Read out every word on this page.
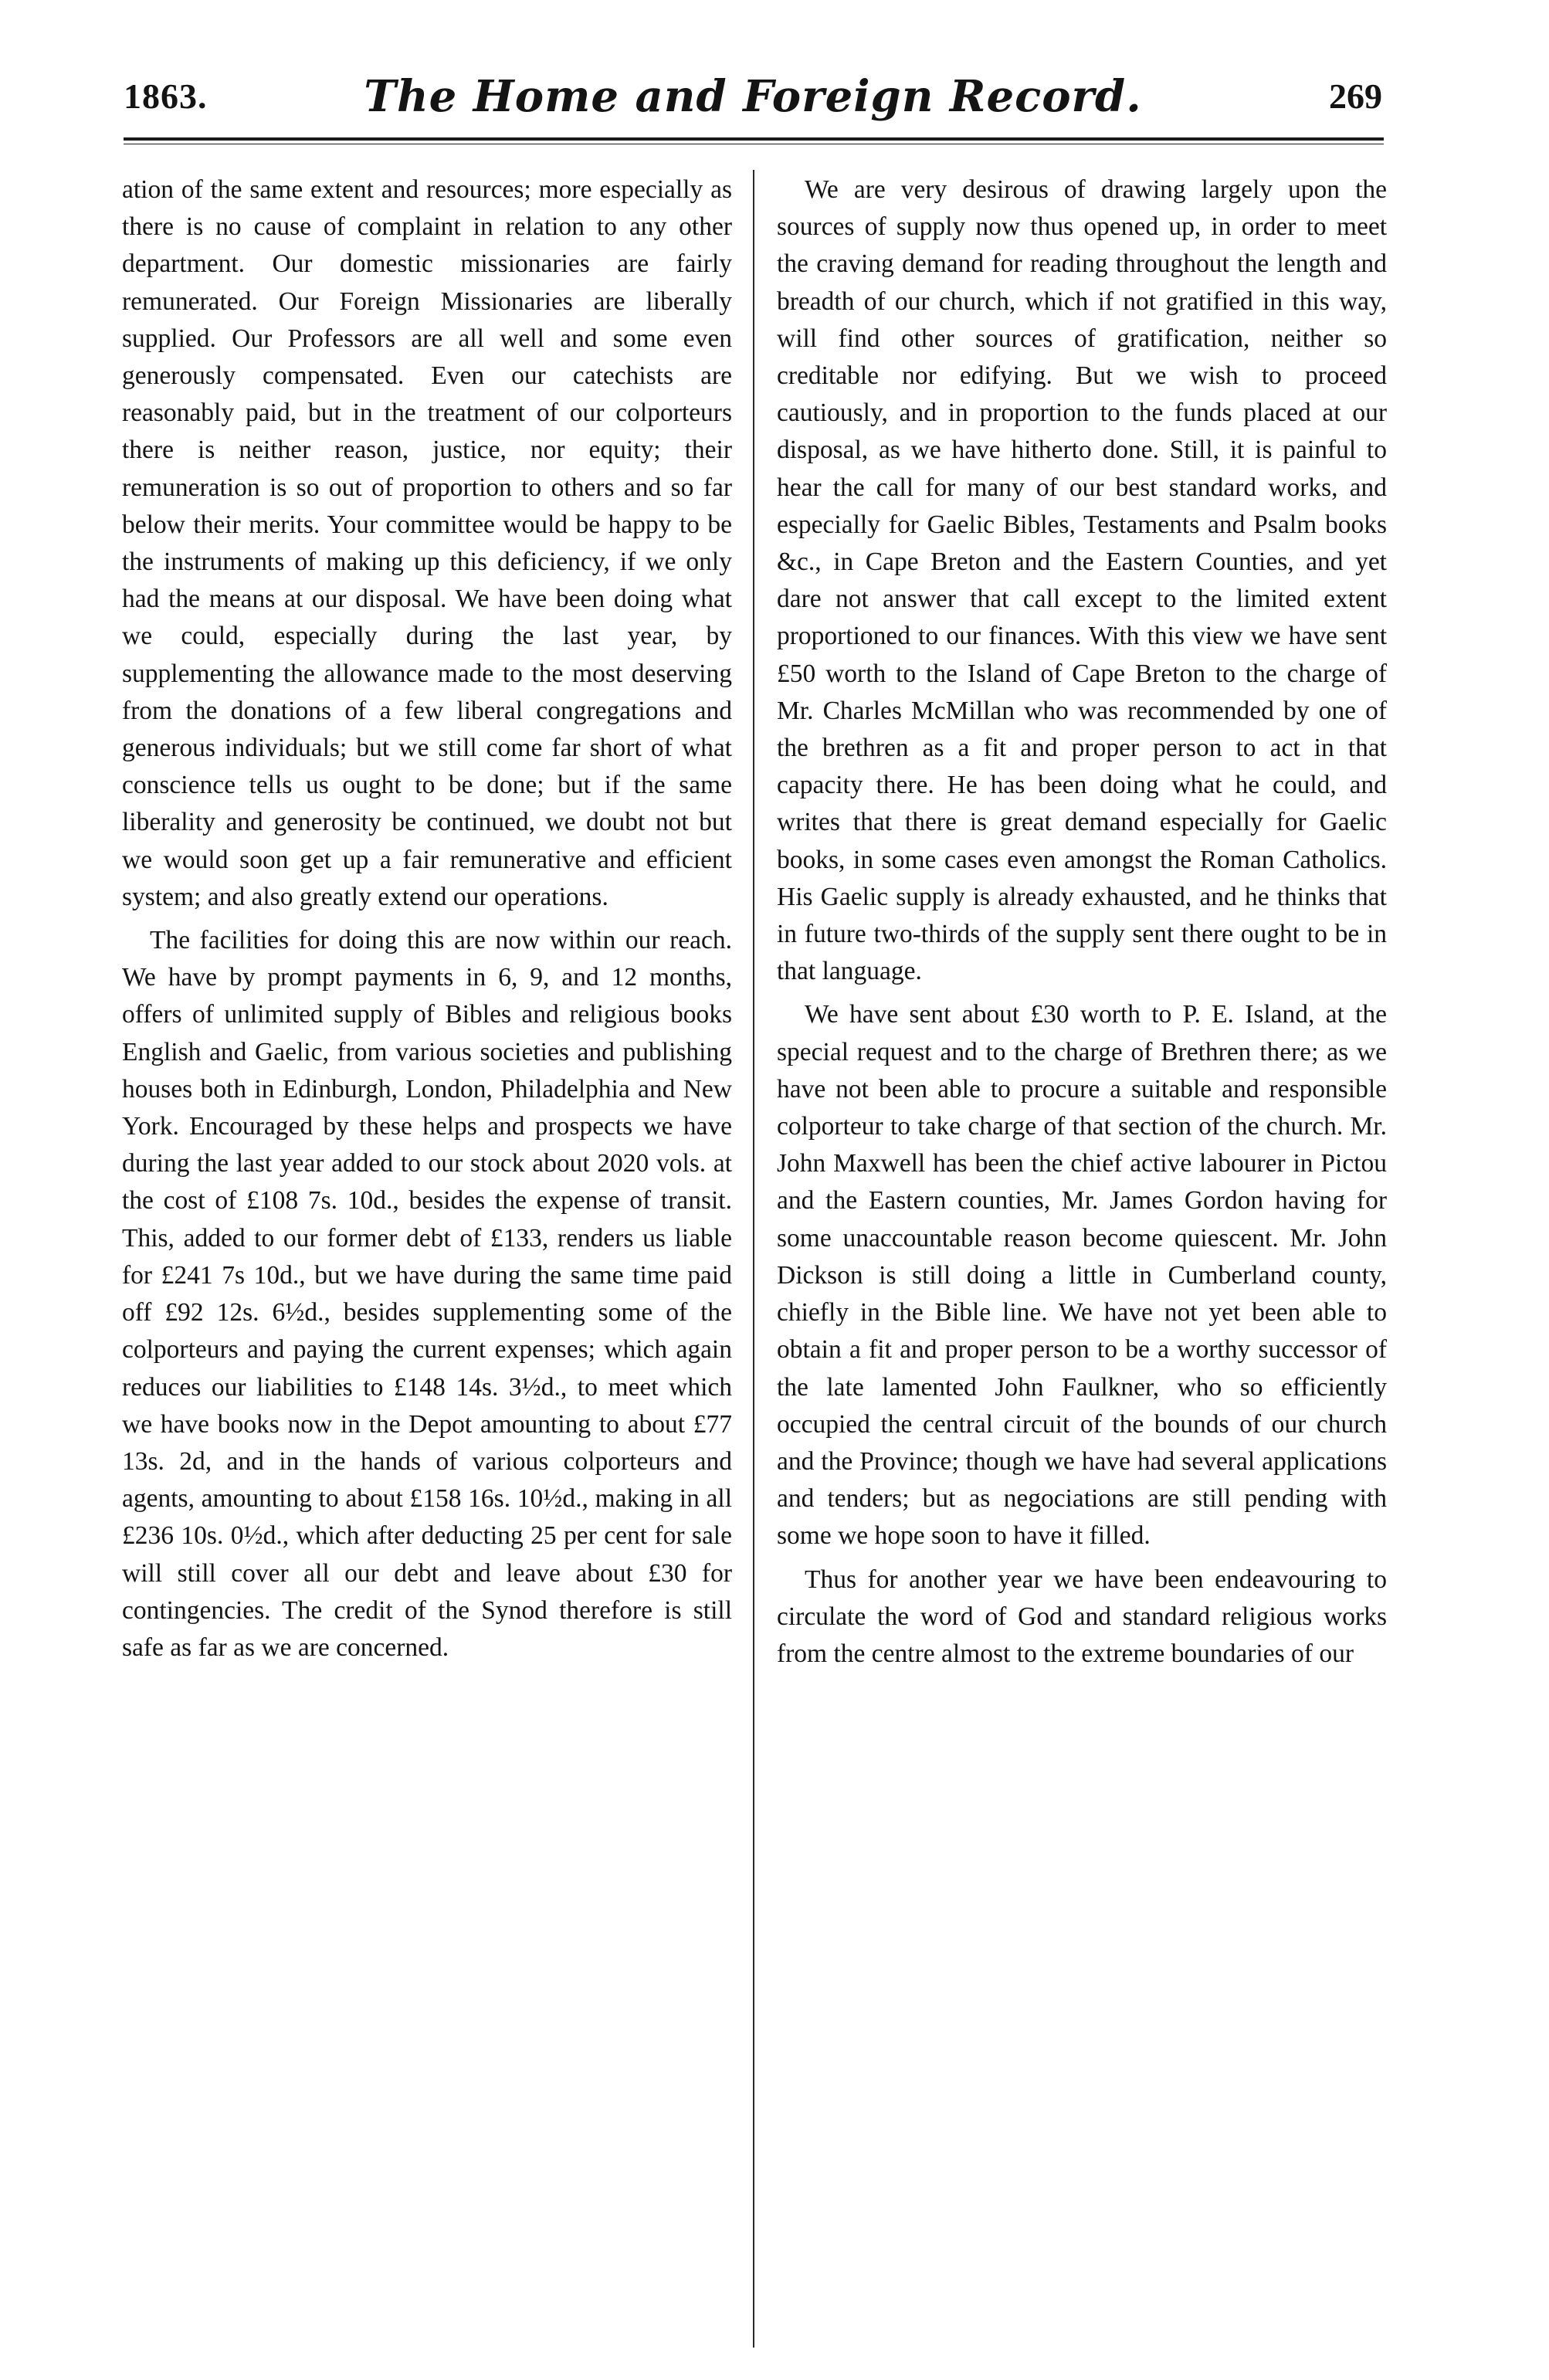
1863.	The Home and Foreign Record.	269

ation of the same extent and resources; more especially as there is no cause of complaint in relation to any other department. Our domestic missionaries are fairly remunerated. Our Foreign Missionaries are liberally supplied. Our Professors are all well and some even generously compensated. Even our catechists are reasonably paid, but in the treatment of our colporteurs there is neither reason, justice, nor equity; their remuneration is so out of proportion to others and so far below their merits. Your committee would be happy to be the instruments of making up this deficiency, if we only had the means at our disposal. We have been doing what we could, especially during the last year, by supplementing the allowance made to the most deserving from the donations of a few liberal congregations and generous individuals; but we still come far short of what conscience tells us ought to be done; but if the same liberality and generosity be continued, we doubt not but we would soon get up a fair remunerative and efficient system; and also greatly extend our operations.

The facilities for doing this are now within our reach. We have by prompt payments in 6, 9, and 12 months, offers of unlimited supply of Bibles and religious books English and Gaelic, from various societies and publishing houses both in Edinburgh, London, Philadelphia and New York. Encouraged by these helps and prospects we have during the last year added to our stock about 2020 vols. at the cost of £108 7s. 10d., besides the expense of transit. This, added to our former debt of £133, renders us liable for £241 7s 10d., but we have during the same time paid off £92 12s. 6½d., besides supplementing some of the colporteurs and paying the current expenses; which again reduces our liabilities to £148 14s. 3½d., to meet which we have books now in the Depot amounting to about £77 13s. 2d, and in the hands of various colporteurs and agents, amounting to about £158 16s. 10½d., making in all £236 10s. 0½d., which after deducting 25 per cent for sale will still cover all our debt and leave about £30 for contingencies. The credit of the Synod therefore is still safe as far as we are concerned.

We are very desirous of drawing largely upon the sources of supply now thus opened up, in order to meet the craving demand for reading throughout the length and breadth of our church, which if not gratified in this way, will find other sources of gratification, neither so creditable nor edifying. But we wish to proceed cautiously, and in proportion to the funds placed at our disposal, as we have hitherto done. Still, it is painful to hear the call for many of our best standard works, and especially for Gaelic Bibles, Testaments and Psalm books &c., in Cape Breton and the Eastern Counties, and yet dare not answer that call except to the limited extent proportioned to our finances. With this view we have sent £50 worth to the Island of Cape Breton to the charge of Mr. Charles McMillan who was recommended by one of the brethren as a fit and proper person to act in that capacity there. He has been doing what he could, and writes that there is great demand especially for Gaelic books, in some cases even amongst the Roman Catholics. His Gaelic supply is already exhausted, and he thinks that in future two-thirds of the supply sent there ought to be in that language.

We have sent about £30 worth to P. E. Island, at the special request and to the charge of Brethren there; as we have not been able to procure a suitable and responsible colporteur to take charge of that section of the church. Mr. John Maxwell has been the chief active labourer in Pictou and the Eastern counties, Mr. James Gordon having for some unaccountable reason become quiescent. Mr. John Dickson is still doing a little in Cumberland county, chiefly in the Bible line. We have not yet been able to obtain a fit and proper person to be a worthy successor of the late lamented John Faulkner, who so efficiently occupied the central circuit of the bounds of our church and the Province; though we have had several applications and tenders; but as negociations are still pending with some we hope soon to have it filled.

Thus for another year we have been endeavouring to circulate the word of God and standard religious works from the centre almost to the extreme boundaries of our
